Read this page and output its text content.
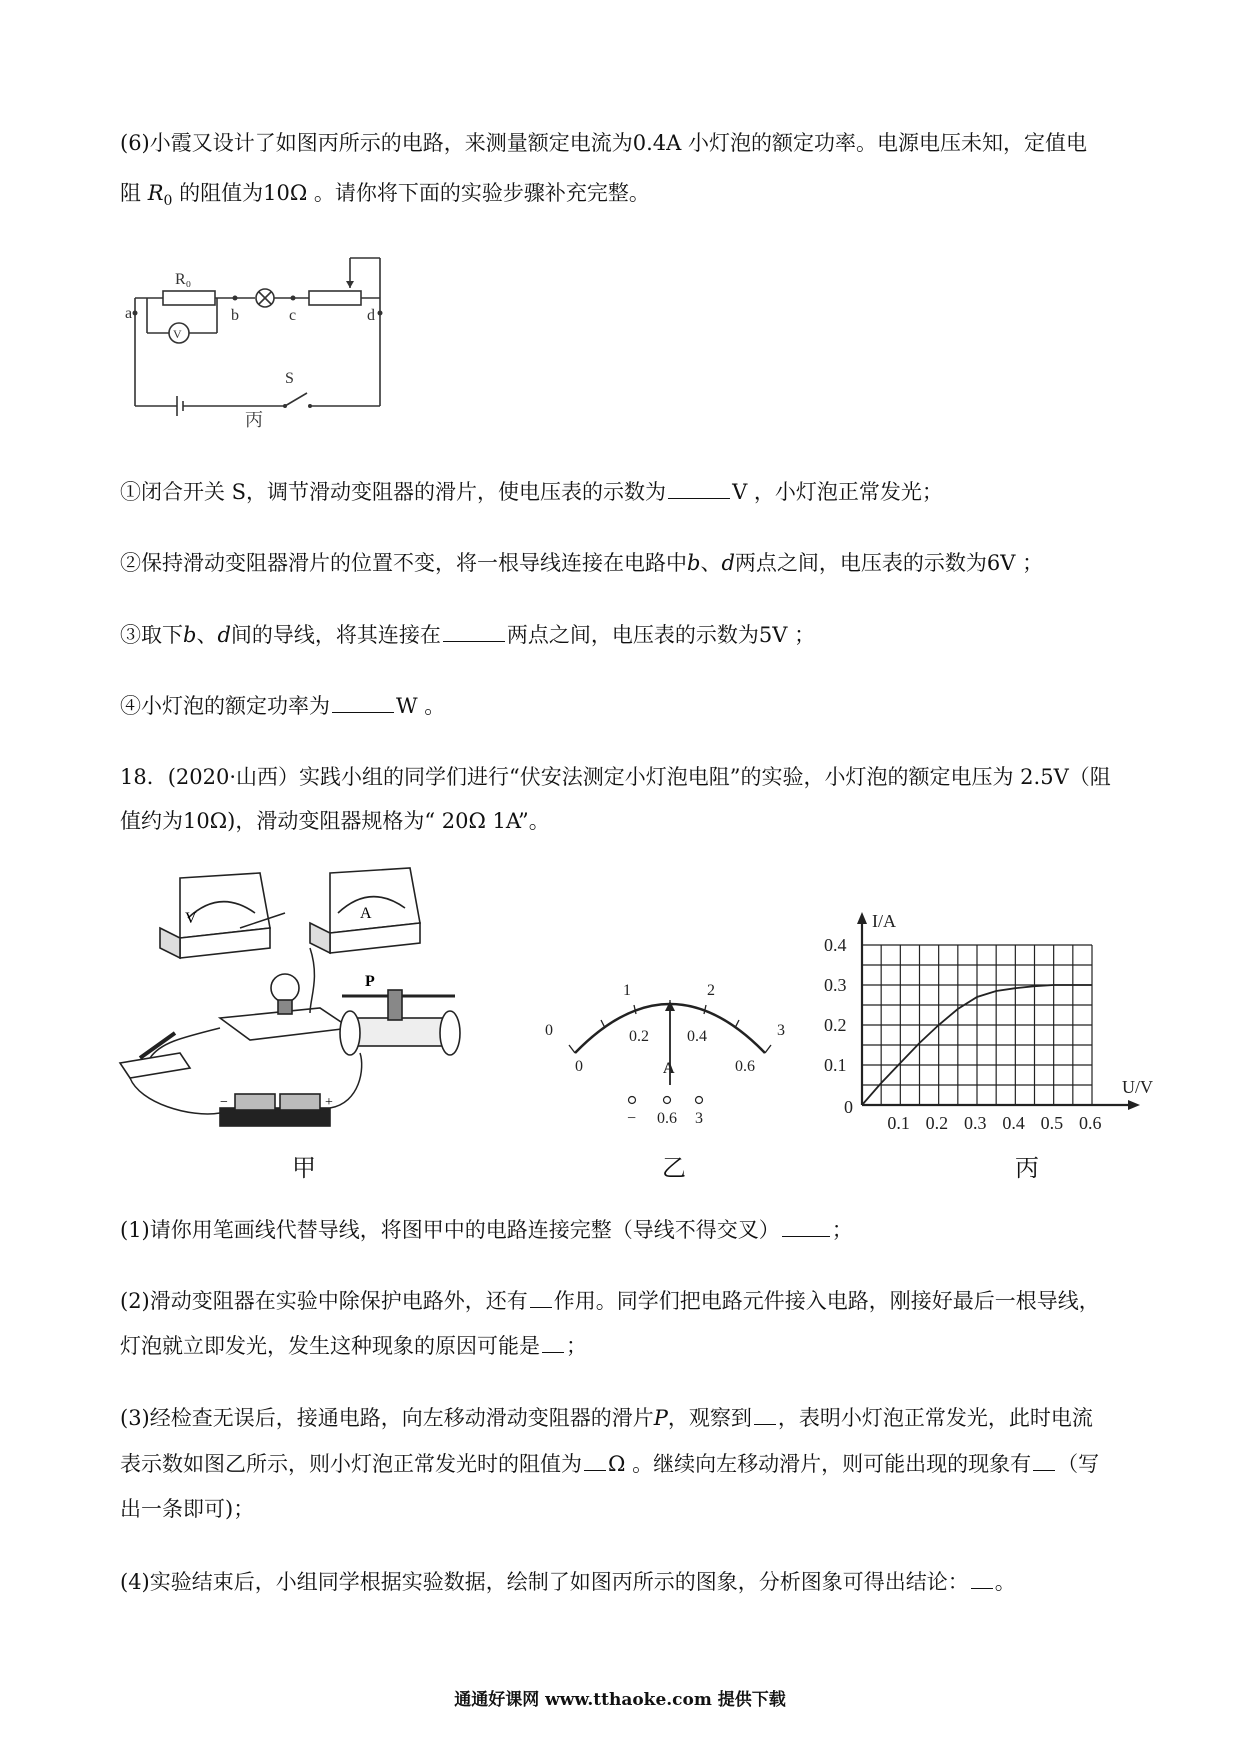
(6)小霞又设计了如图丙所示的电路，来测量额定电流为0.4A 小灯泡的额定功率。电源电压未知，定值电
阻 $R_0$ 的阻值为10Ω 。请你将下面的实验步骤补充完整。
R₀
V
a	b	c	d
S
丙
①闭合开关 S，调节滑动变阻器的滑片，使电压表的示数为	V ，小灯泡正常发光；
②保持滑动变阻器滑片的位置不变，将一根导线连接在电路中b、d两点之间，电压表的示数为6V ；
③取下b、d间的导线，将其连接在	两点之间，电压表的示数为5V ；
④小灯泡的额定功率为	W 。
18．(2020·山西）实践小组的同学们进行“伏安法测定小灯泡电阻”的实验，小灯泡的额定电压为 2.5V（阻
值约为10Ω)，滑动变阻器规格为“ 20Ω 1A”。
V	A
P
−	+
甲
0
1	2
3
0
0.2 0.4
0.6
A
− 0.6 3
乙
0.1 0.2 0.3 0.4 0.5 0.6
0.1
0.2
0.3
0.4
0
U/V
I/A
丙
(1)请你用笔画线代替导线，将图甲中的电路连接完整（导线不得交叉） ；
(2)滑动变阻器在实验中除保护电路外，还有 作用。同学们把电路元件接入电路，刚接好最后一根导线，
灯泡就立即发光，发生这种现象的原因可能是 ；
(3)经检查无误后，接通电路，向左移动滑动变阻器的滑片P，观察到 ，表明小灯泡正常发光，此时电流
表示数如图乙所示，则小灯泡正常发光时的阻值为 Ω 。继续向左移动滑片，则可能出现的现象有 （写
出一条即可)；
(4)实验结束后，小组同学根据实验数据，绘制了如图丙所示的图象，分析图象可得出结论： 。
通通好课网 www.tthaoke.com 提供下载
